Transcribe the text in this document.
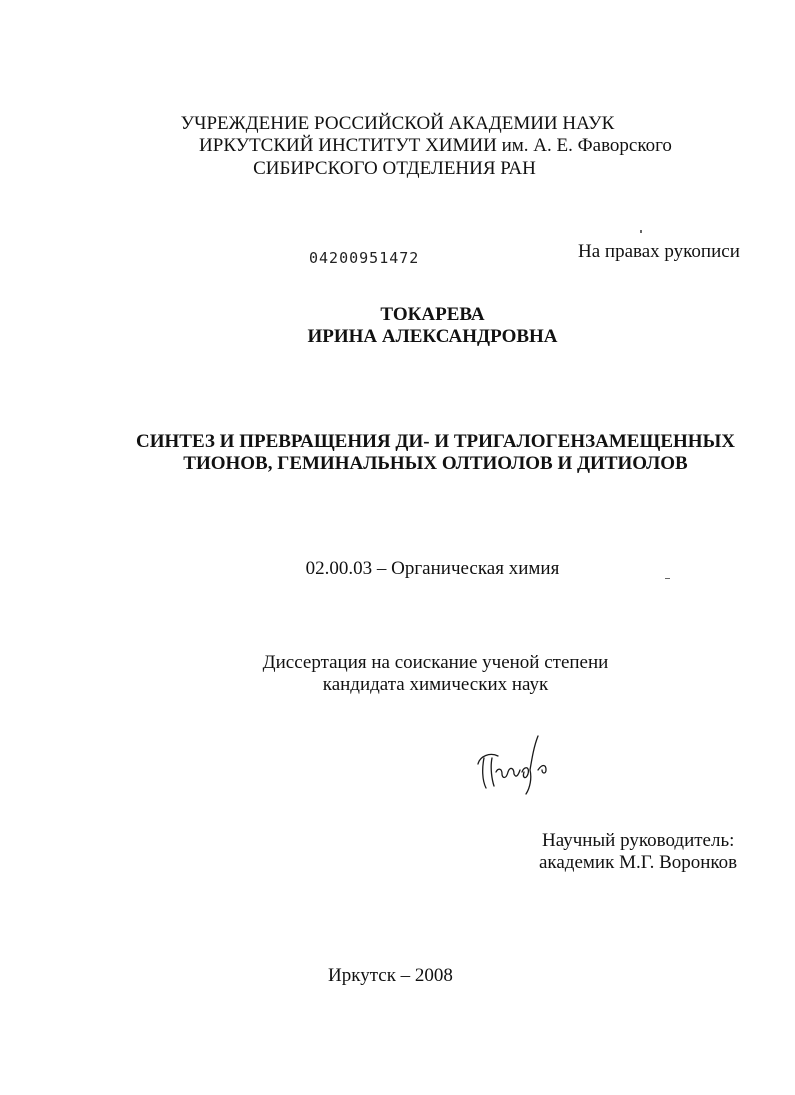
УЧРЕЖДЕНИЕ РОССИЙСКОЙ АКАДЕМИИ НАУК
ИРКУТСКИЙ ИНСТИТУТ ХИМИИ им. А. Е. Фаворского
СИБИРСКОГО ОТДЕЛЕНИЯ РАН
04200951472	На правах рукописи
ТОКАРЕВА
ИРИНА АЛЕКСАНДРОВНА
СИНТЕЗ И ПРЕВРАЩЕНИЯ ДИ- И ТРИГАЛОГЕНЗАМЕЩЕННЫХ
ТИОНОВ, ГЕМИНАЛЬНЫХ ОЛТИОЛОВ И ДИТИОЛОВ
02.00.03 – Органическая химия
Диссертация на соискание ученой степени
кандидата химических наук
Научный руководитель:
академик М.Г. Воронков
Иркутск – 2008
